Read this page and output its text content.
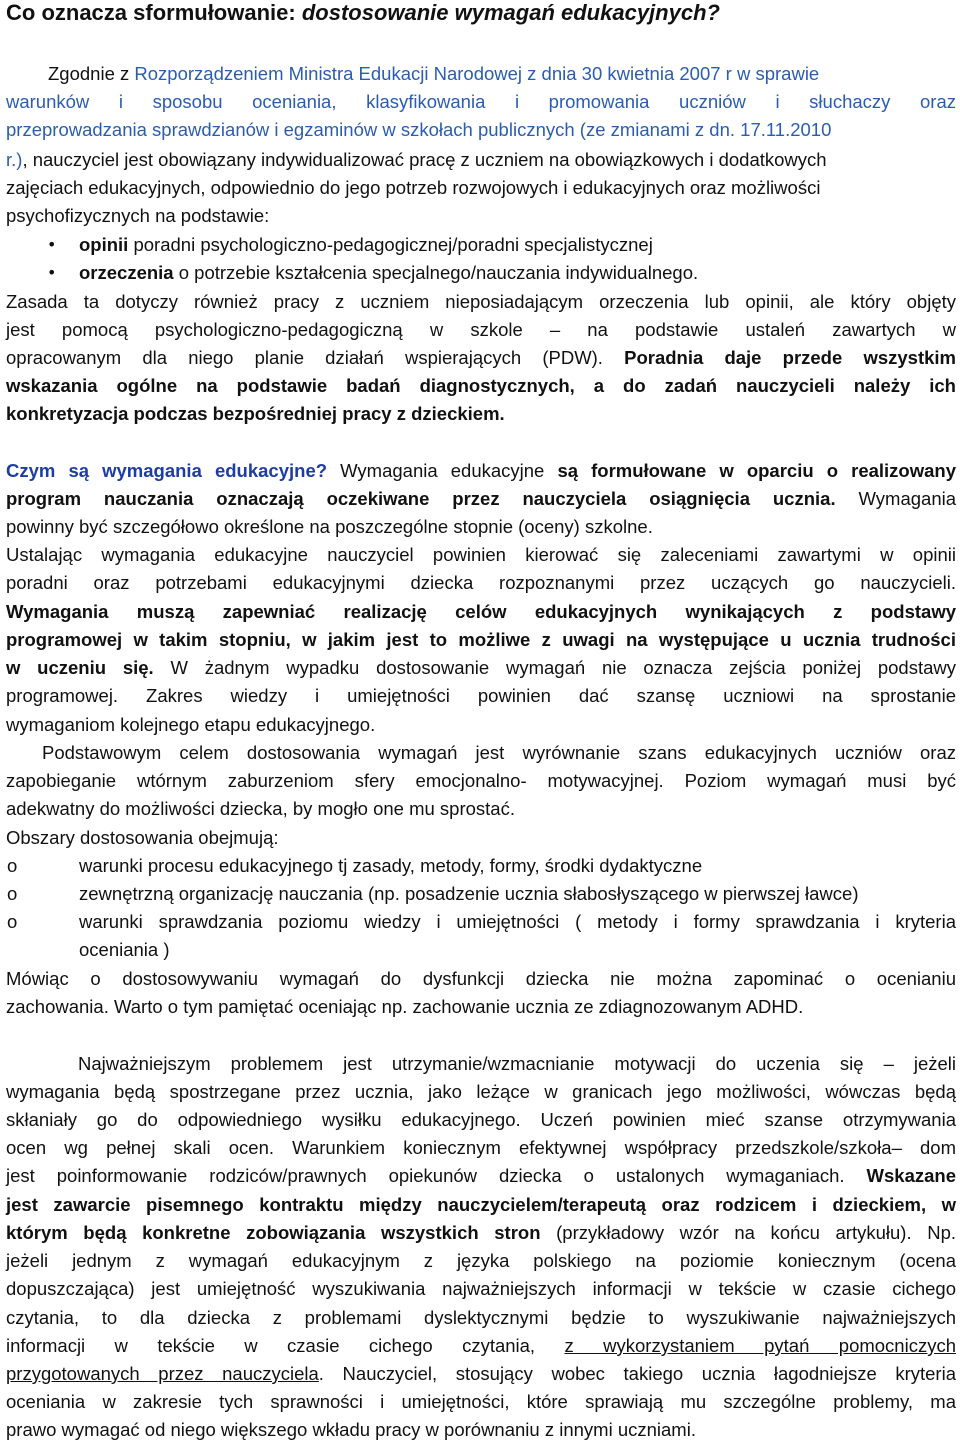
Co oznacza sformułowanie: dostosowanie wymagań edukacyjnych?
Zgodnie z Rozporządzeniem Ministra Edukacji Narodowej z dnia 30 kwietnia 2007 r w sprawie
warunków i sposobu oceniania, klasyfikowania i promowania uczniów i słuchaczy oraz
przeprowadzania sprawdzianów i egzaminów w szkołach publicznych (ze zmianami z dn. 17.11.2010
r.), nauczyciel jest obowiązany indywidualizować pracę z uczniem na obowiązkowych i dodatkowych
zajęciach edukacyjnych, odpowiednio do jego potrzeb rozwojowych i edukacyjnych oraz możliwości
psychofizycznych na podstawie:
• opinii poradni psychologiczno-pedagogicznej/poradni specjalistycznej
• orzeczenia o potrzebie kształcenia specjalnego/nauczania indywidualnego.
Zasada ta dotyczy również pracy z uczniem nieposiadającym orzeczenia lub opinii, ale który objęty
jest pomocą psychologiczno-pedagogiczną w szkole – na podstawie ustaleń zawartych w
opracowanym dla niego planie działań wspierających (PDW). Poradnia daje przede wszystkim
wskazania ogólne na podstawie badań diagnostycznych, a do zadań nauczycieli należy ich
konkretyzacja podczas bezpośredniej pracy z dzieckiem.
Czym są wymagania edukacyjne? Wymagania edukacyjne są formułowane w oparciu o realizowany
program nauczania oznaczają oczekiwane przez nauczyciela osiągnięcia ucznia. Wymagania
powinny być szczegółowo określone na poszczególne stopnie (oceny) szkolne.
Ustalając wymagania edukacyjne nauczyciel powinien kierować się zaleceniami zawartymi w opinii
poradni oraz potrzebami edukacyjnymi dziecka rozpoznanymi przez uczących go nauczycieli.
Wymagania muszą zapewniać realizację celów edukacyjnych wynikających z podstawy
programowej w takim stopniu, w jakim jest to możliwe z uwagi na występujące u ucznia trudności
w uczeniu się. W żadnym wypadku dostosowanie wymagań nie oznacza zejścia poniżej podstawy
programowej. Zakres wiedzy i umiejętności powinien dać szansę uczniowi na sprostanie
wymaganiom kolejnego etapu edukacyjnego.
Podstawowym celem dostosowania wymagań jest wyrównanie szans edukacyjnych uczniów oraz
zapobieganie wtórnym zaburzeniom sfery emocjonalno- motywacyjnej. Poziom wymagań musi być
adekwatny do możliwości dziecka, by mogło one mu sprostać.
Obszary dostosowania obejmują:
o	warunki procesu edukacyjnego tj zasady, metody, formy, środki dydaktyczne
o	zewnętrzną organizację nauczania (np. posadzenie ucznia słabosłyszącego w pierwszej ławce)
o	warunki sprawdzania poziomu wiedzy i umiejętności ( metody i formy sprawdzania i kryteria
oceniania )
Mówiąc o dostosowywaniu wymagań do dysfunkcji dziecka nie można zapominać o ocenianiu
zachowania. Warto o tym pamiętać oceniając np. zachowanie ucznia ze zdiagnozowanym ADHD.
Najważniejszym problemem jest utrzymanie/wzmacnianie motywacji do uczenia się – jeżeli
wymagania będą spostrzegane przez ucznia, jako leżące w granicach jego możliwości, wówczas będą
skłaniały go do odpowiedniego wysiłku edukacyjnego. Uczeń powinien mieć szanse otrzymywania
ocen wg pełnej skali ocen. Warunkiem koniecznym efektywnej współpracy przedszkole/szkoła– dom
jest poinformowanie rodziców/prawnych opiekunów dziecka o ustalonych wymaganiach. Wskazane
jest zawarcie pisemnego kontraktu między nauczycielem/terapeutą oraz rodzicem i dzieckiem, w
którym będą konkretne zobowiązania wszystkich stron (przykładowy wzór na końcu artykułu). Np.
jeżeli jednym z wymagań edukacyjnym z języka polskiego na poziomie koniecznym (ocena
dopuszczająca) jest umiejętność wyszukiwania najważniejszych informacji w tekście w czasie cichego
czytania, to dla dziecka z problemami dyslektycznymi będzie to wyszukiwanie najważniejszych
informacji w tekście w czasie cichego czytania, z wykorzystaniem pytań pomocniczych
przygotowanych przez nauczyciela. Nauczyciel, stosujący wobec takiego ucznia łagodniejsze kryteria
oceniania w zakresie tych sprawności i umiejętności, które sprawiają mu szczególne problemy, ma
prawo wymagać od niego większego wkładu pracy w porównaniu z innymi uczniami.
